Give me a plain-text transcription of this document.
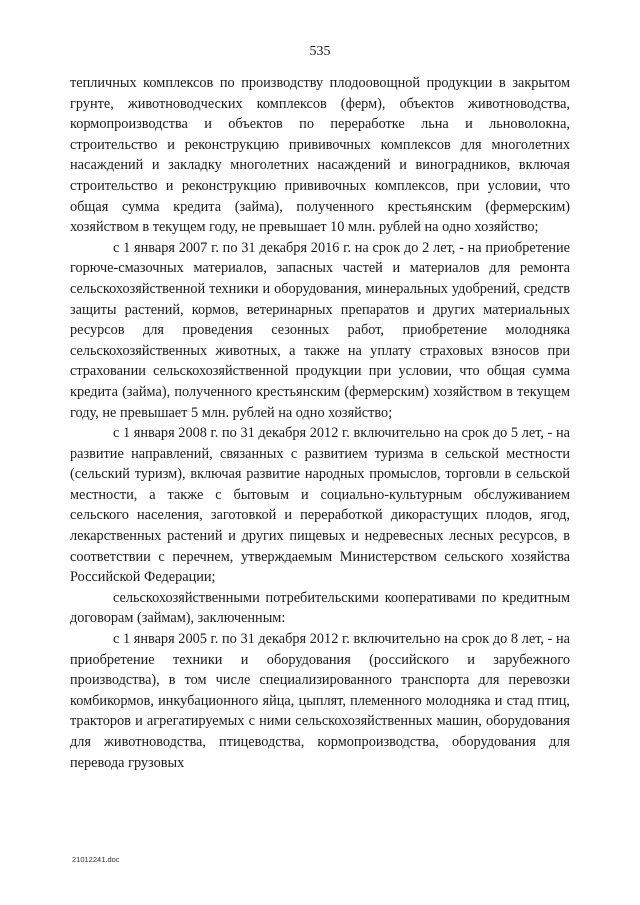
535

тепличных комплексов по производству плодоовощной продукции в закрытом грунте, животноводческих комплексов (ферм), объектов животноводства, кормопроизводства и объектов по переработке льна и льноволокна, строительство и реконструкцию прививочных комплексов для многолетних насаждений и закладку многолетних насаждений и виноградников, включая строительство и реконструкцию прививочных комплексов, при условии, что общая сумма кредита (займа), полученного крестьянским (фермерским) хозяйством в текущем году, не превышает 10 млн. рублей на одно хозяйство;

с 1 января 2007 г. по 31 декабря 2016 г. на срок до 2 лет, - на приобретение горюче-смазочных материалов, запасных частей и материалов для ремонта сельскохозяйственной техники и оборудования, минеральных удобрений, средств защиты растений, кормов, ветеринарных препаратов и других материальных ресурсов для проведения сезонных работ, приобретение молодняка сельскохозяйственных животных, а также на уплату страховых взносов при страховании сельскохозяйственной продукции при условии, что общая сумма кредита (займа), полученного крестьянским (фермерским) хозяйством в текущем году, не превышает 5 млн. рублей на одно хозяйство;

с 1 января 2008 г. по 31 декабря 2012 г. включительно на срок до 5 лет, - на развитие направлений, связанных с развитием туризма в сельской местности (сельский туризм), включая развитие народных промыслов, торговли в сельской местности, а также с бытовым и социально-культурным обслуживанием сельского населения, заготовкой и переработкой дикорастущих плодов, ягод, лекарственных растений и других пищевых и недревесных лесных ресурсов, в соответствии с перечнем, утверждаемым Министерством сельского хозяйства Российской Федерации;

сельскохозяйственными потребительскими кооперативами по кредитным договорам (займам), заключенным:

с 1 января 2005 г. по 31 декабря 2012 г. включительно на срок до 8 лет, - на приобретение техники и оборудования (российского и зарубежного производства), в том числе специализированного транспорта для перевозки комбикормов, инкубационного яйца, цыплят, племенного молодняка и стад птиц, тракторов и агрегатируемых с ними сельскохозяйственных машин, оборудования для животноводства, птицеводства, кормопроизводства, оборудования для перевода грузовых

21012241.doc
